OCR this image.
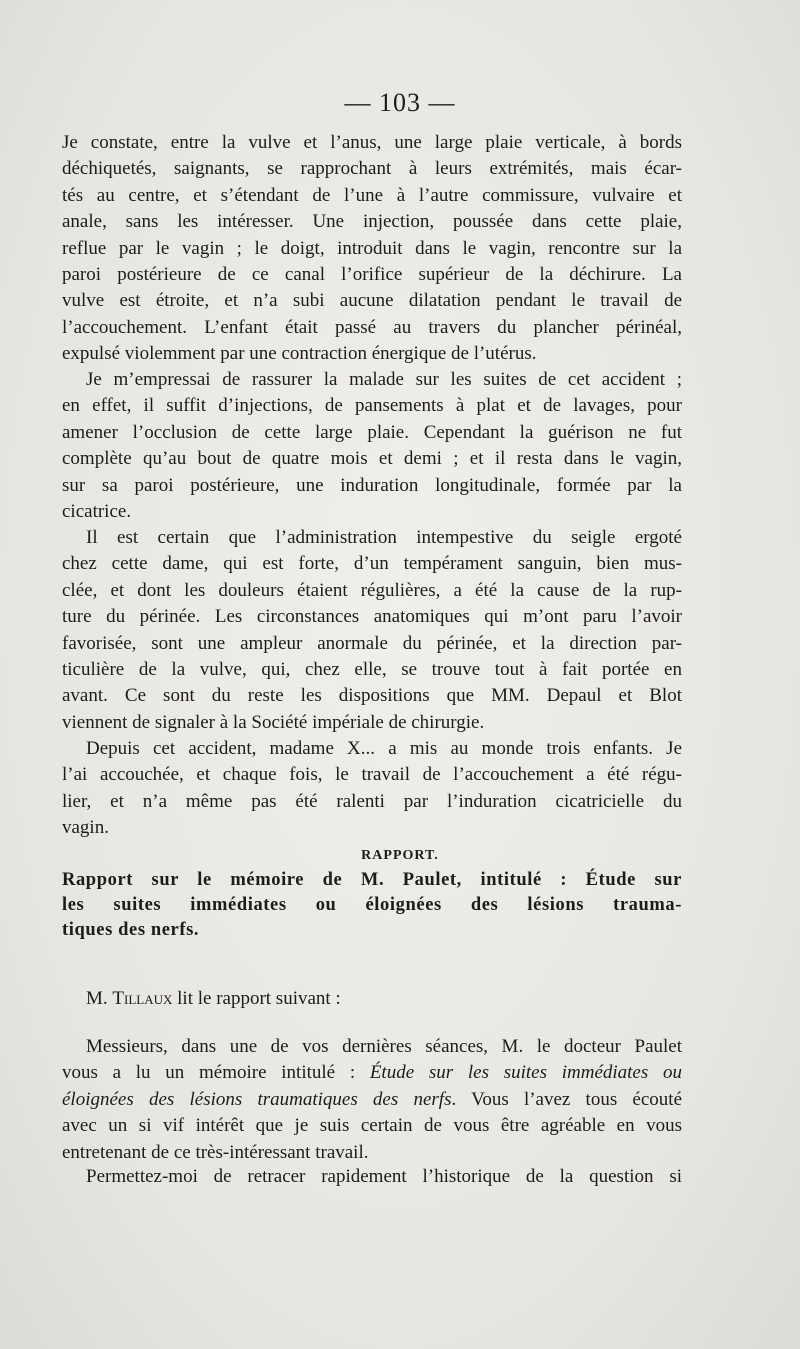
— 103 —
Je constate, entre la vulve et l’anus, une large plaie verticale, à bords
déchiquetés, saignants, se rapprochant à leurs extrémités, mais écar-
tés au centre, et s’étendant de l’une à l’autre commissure, vulvaire et
anale, sans les intéresser. Une injection, poussée dans cette plaie,
reflue par le vagin ; le doigt, introduit dans le vagin, rencontre sur la
paroi postérieure de ce canal l’orifice supérieur de la déchirure. La
vulve est étroite, et n’a subi aucune dilatation pendant le travail de
l’accouchement. L’enfant était passé au travers du plancher périnéal,
expulsé violemment par une contraction énergique de l’utérus.
Je m’empressai de rassurer la malade sur les suites de cet accident ;
en effet, il suffit d’injections, de pansements à plat et de lavages, pour
amener l’occlusion de cette large plaie. Cependant la guérison ne fut
complète qu’au bout de quatre mois et demi ; et il resta dans le vagin,
sur sa paroi postérieure, une induration longitudinale, formée par la
cicatrice.
Il est certain que l’administration intempestive du seigle ergoté
chez cette dame, qui est forte, d’un tempérament sanguin, bien mus-
clée, et dont les douleurs étaient régulières, a été la cause de la rup-
ture du périnée. Les circonstances anatomiques qui m’ont paru l’avoir
favorisée, sont une ampleur anormale du périnée, et la direction par-
ticulière de la vulve, qui, chez elle, se trouve tout à fait portée en
avant. Ce sont du reste les dispositions que MM. Depaul et Blot
viennent de signaler à la Société impériale de chirurgie.
Depuis cet accident, madame X... a mis au monde trois enfants. Je
l’ai accouchée, et chaque fois, le travail de l’accouchement a été régu-
lier, et n’a même pas été ralenti par l’induration cicatricielle du
vagin.
RAPPORT.
Rapport sur le mémoire de M. Paulet, intitulé : Étude sur
les suites immédiates ou éloignées des lésions trauma-
tiques des nerfs.
M. Tillaux lit le rapport suivant :
Messieurs, dans une de vos dernières séances, M. le docteur Paulet
vous a lu un mémoire intitulé : Étude sur les suites immédiates ou
éloignées des lésions traumatiques des nerfs. Vous l’avez tous écouté
avec un si vif intérêt que je suis certain de vous être agréable en vous
entretenant de ce très-intéressant travail.
Permettez-moi de retracer rapidement l’historique de la question si
